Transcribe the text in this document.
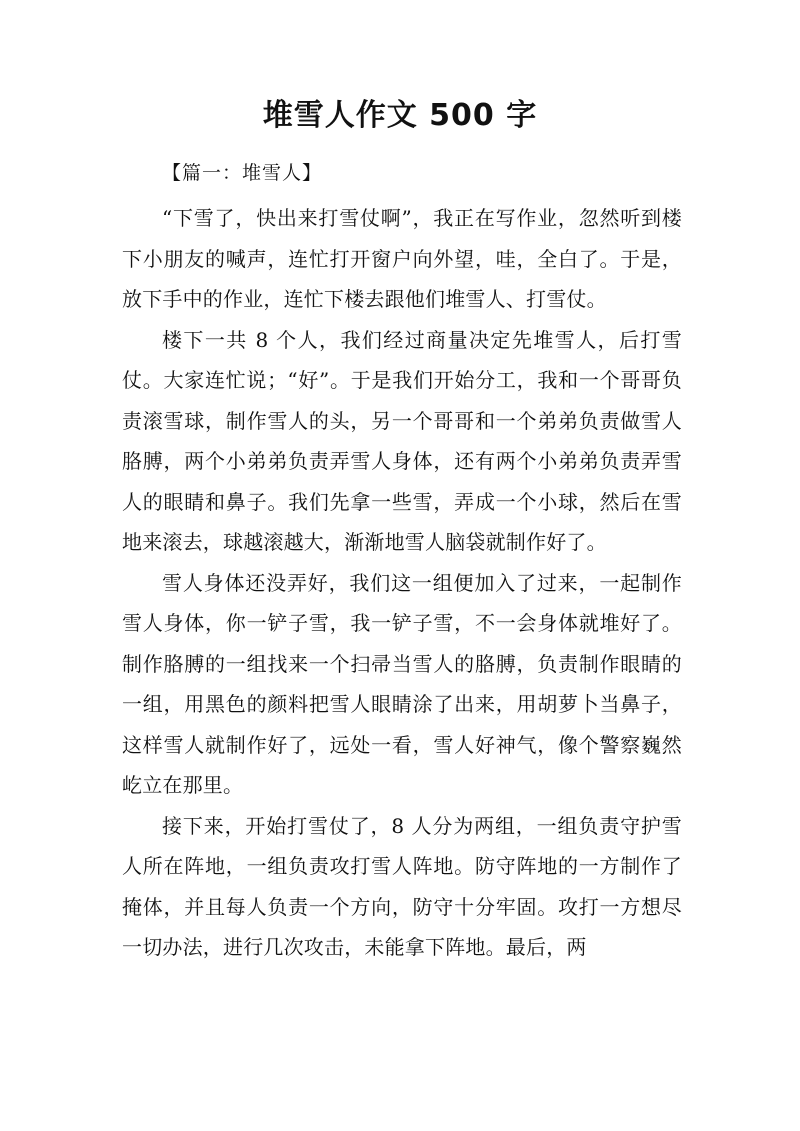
堆雪人作文 500 字
【篇一：堆雪人】

“下雪了，快出来打雪仗啊”，我正在写作业，忽然听到楼下小朋友的喊声，连忙打开窗户向外望，哇，全白了。于是，放下手中的作业，连忙下楼去跟他们堆雪人、打雪仗。

楼下一共 8 个人，我们经过商量决定先堆雪人，后打雪仗。大家连忙说；“好”。于是我们开始分工，我和一个哥哥负责滚雪球，制作雪人的头，另一个哥哥和一个弟弟负责做雪人胳膊，两个小弟弟负责弄雪人身体，还有两个小弟弟负责弄雪人的眼睛和鼻子。我们先拿一些雪，弄成一个小球，然后在雪地来滚去，球越滚越大，渐渐地雪人脑袋就制作好了。

雪人身体还没弄好，我们这一组便加入了过来，一起制作雪人身体，你一铲子雪，我一铲子雪，不一会身体就堆好了。制作胳膊的一组找来一个扫帚当雪人的胳膊，负责制作眼睛的一组，用黑色的颜料把雪人眼睛涂了出来，用胡萝卜当鼻子，这样雪人就制作好了，远处一看，雪人好神气，像个警察巍然屹立在那里。

接下来，开始打雪仗了，8 人分为两组，一组负责守护雪人所在阵地，一组负责攻打雪人阵地。防守阵地的一方制作了掩体，并且每人负责一个方向，防守十分牢固。攻打一方想尽一切办法，进行几次攻击，未能拿下阵地。最后，两
